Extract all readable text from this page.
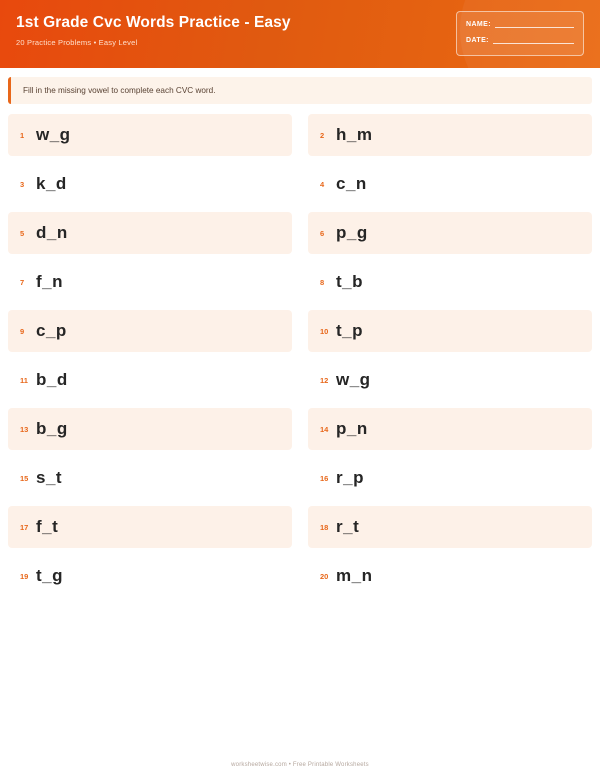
1st Grade Cvc Words Practice - Easy
20 Practice Problems • Easy Level
NAME:
DATE:
Fill in the missing vowel to complete each CVC word.
1 w_g	2 h_m
3 k_d	4 c_n
5 d_n	6 p_g
7 f_n	8 t_b
9 c_p	10 t_p
11 b_d	12 w_g
13 b_g	14 p_n
15 s_t	16 r_p
17 f_t	18 r_t
19 t_g	20 m_n
worksheetwise.com • Free Printable Worksheets
